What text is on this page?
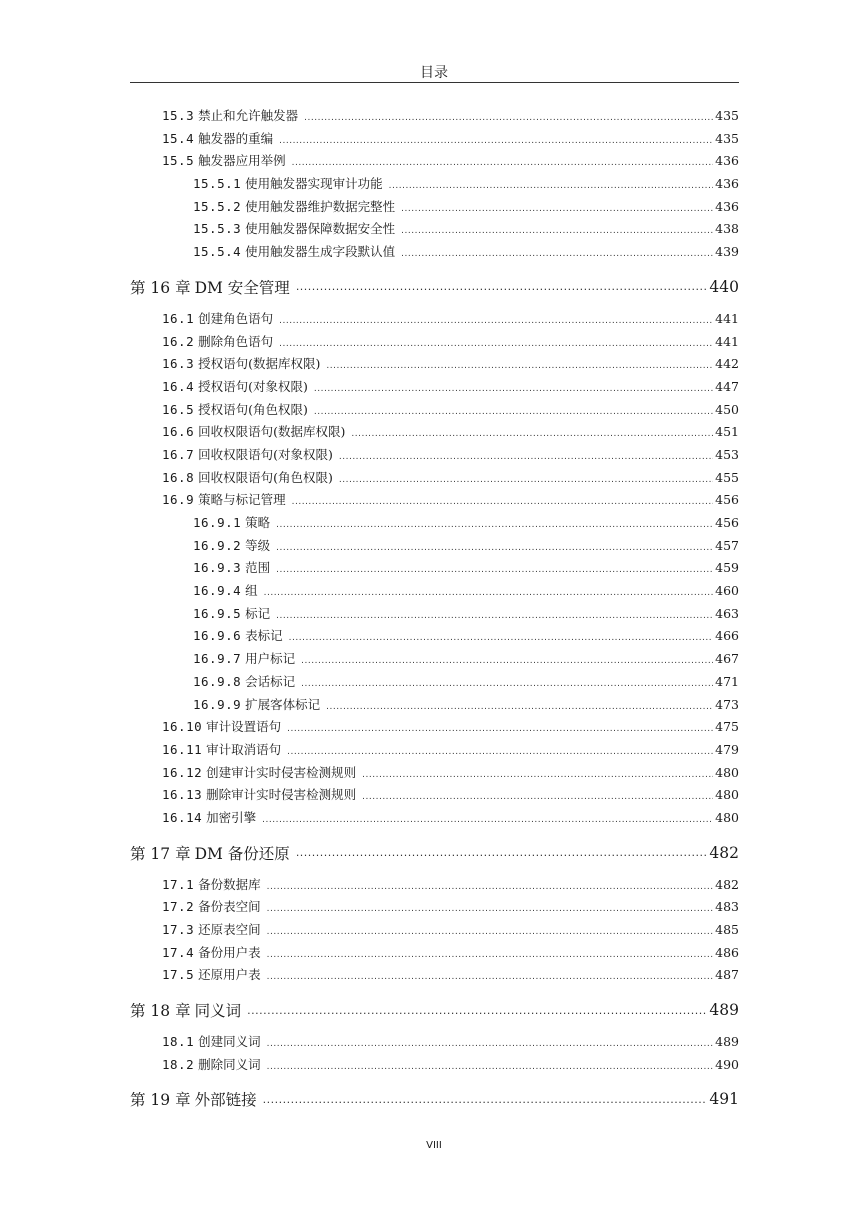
目录
15.3 禁止和允许触发器 .....	435
15.4 触发器的重编 .....	435
15.5 触发器应用举例 .....	436
15.5.1 使用触发器实现审计功能 .....	436
15.5.2 使用触发器维护数据完整性 .....	436
15.5.3 使用触发器保障数据安全性 .....	438
15.5.4 使用触发器生成字段默认值 .....	439
第 16 章 DM 安全管理 .....	440
16.1 创建角色语句 .....	441
16.2 删除角色语句 .....	441
16.3 授权语句(数据库权限) .....	442
16.4 授权语句(对象权限) .....	447
16.5 授权语句(角色权限) .....	450
16.6 回收权限语句(数据库权限) .....	451
16.7 回收权限语句(对象权限) .....	453
16.8 回收权限语句(角色权限) .....	455
16.9 策略与标记管理 .....	456
16.9.1 策略 .....	456
16.9.2 等级 .....	457
16.9.3 范围 .....	459
16.9.4 组 .....	460
16.9.5 标记 .....	463
16.9.6 表标记 .....	466
16.9.7 用户标记 .....	467
16.9.8 会话标记 .....	471
16.9.9 扩展客体标记 .....	473
16.10 审计设置语句 .....	475
16.11 审计取消语句 .....	479
16.12 创建审计实时侵害检测规则 .....	480
16.13 删除审计实时侵害检测规则 .....	480
16.14 加密引擎 .....	480
第 17 章 DM 备份还原 .....	482
17.1 备份数据库 .....	482
17.2 备份表空间 .....	483
17.3 还原表空间 .....	485
17.4 备份用户表 .....	486
17.5 还原用户表 .....	487
第 18 章 同义词 .....	489
18.1 创建同义词 .....	489
18.2 删除同义词 .....	490
第 19 章 外部链接 .....	491
VIII
